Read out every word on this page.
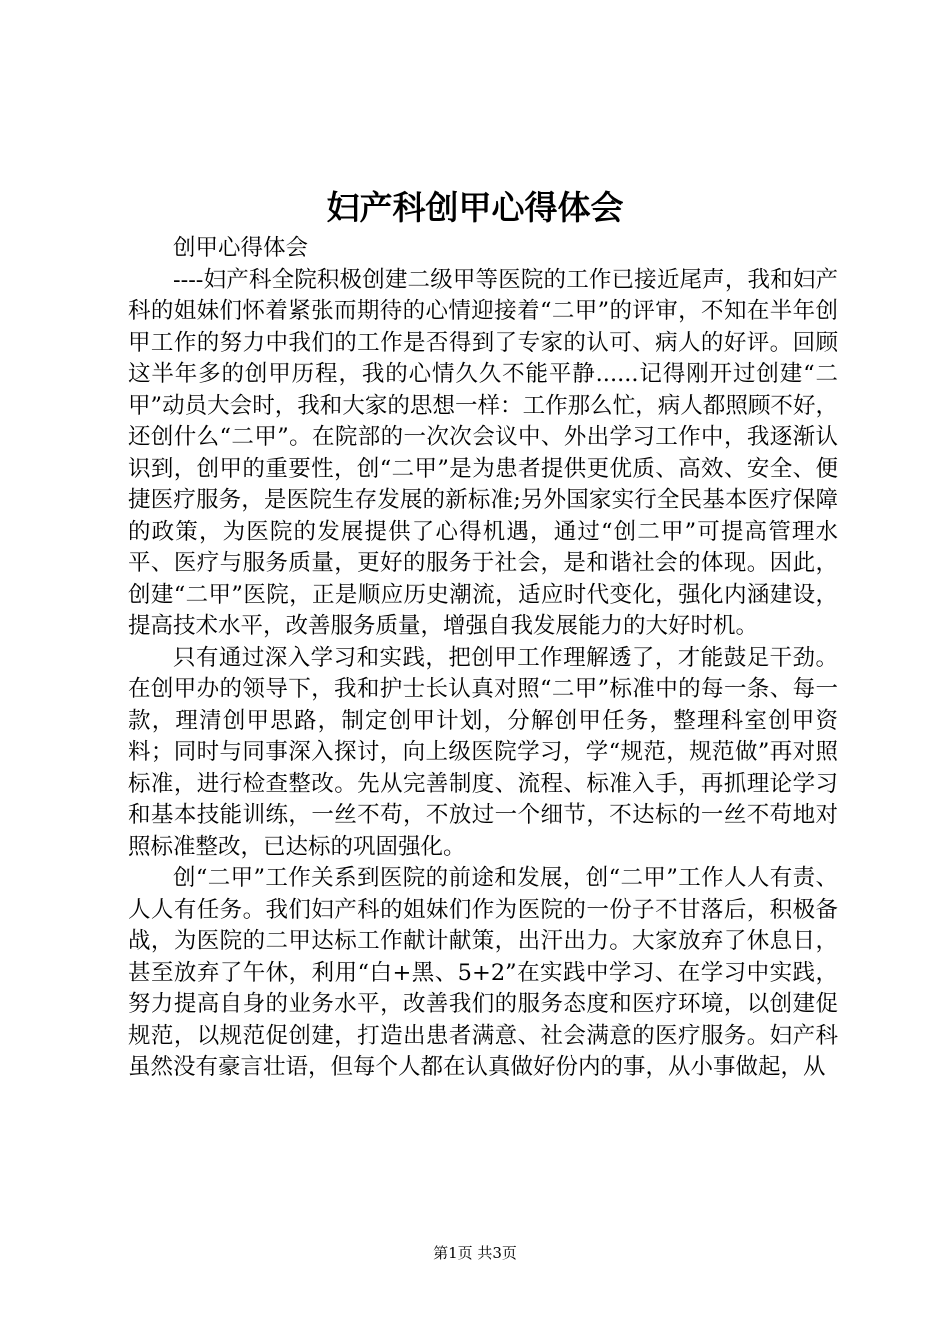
妇产科创甲心得体会

创甲心得体会

----妇产科全院积极创建二级甲等医院的工作已接近尾声，我和妇产科的姐妹们怀着紧张而期待的心情迎接着“二甲”的评审，不知在半年创甲工作的努力中我们的工作是否得到了专家的认可、病人的好评。回顾这半年多的创甲历程，我的心情久久不能平静......记得刚开过创建“二甲”动员大会时，我和大家的思想一样：工作那么忙，病人都照顾不好，还创什么“二甲”。在院部的一次次会议中、外出学习工作中，我逐渐认识到，创甲的重要性，创“二甲”是为患者提供更优质、高效、安全、便捷医疗服务，是医院生存发展的新标准;另外国家实行全民基本医疗保障的政策，为医院的发展提供了心得机遇，通过“创二甲”可提高管理水平、医疗与服务质量，更好的服务于社会，是和谐社会的体现。因此，创建“二甲”医院，正是顺应历史潮流，适应时代变化，强化内涵建设，提高技术水平，改善服务质量，增强自我发展能力的大好时机。

只有通过深入学习和实践，把创甲工作理解透了，才能鼓足干劲。在创甲办的领导下，我和护士长认真对照“二甲”标准中的每一条、每一款，理清创甲思路，制定创甲计划，分解创甲任务，整理科室创甲资料；同时与同事深入探讨，向上级医院学习，学“规范，规范做”再对照标准，进行检查整改。先从完善制度、流程、标准入手，再抓理论学习和基本技能训练，一丝不苟，不放过一个细节，不达标的一丝不苟地对照标准整改，已达标的巩固强化。

创“二甲”工作关系到医院的前途和发展，创“二甲”工作人人有责、人人有任务。我们妇产科的姐妹们作为医院的一份子不甘落后，积极备战，为医院的二甲达标工作献计献策，出汗出力。大家放弃了休息日，甚至放弃了午休，利用“白+黑、5+2”在实践中学习、在学习中实践，努力提高自身的业务水平，改善我们的服务态度和医疗环境，以创建促规范，以规范促创建，打造出患者满意、社会满意的医疗服务。妇产科虽然没有豪言壮语，但每个人都在认真做好份内的事，从小事做起，从

第1页 共3页
